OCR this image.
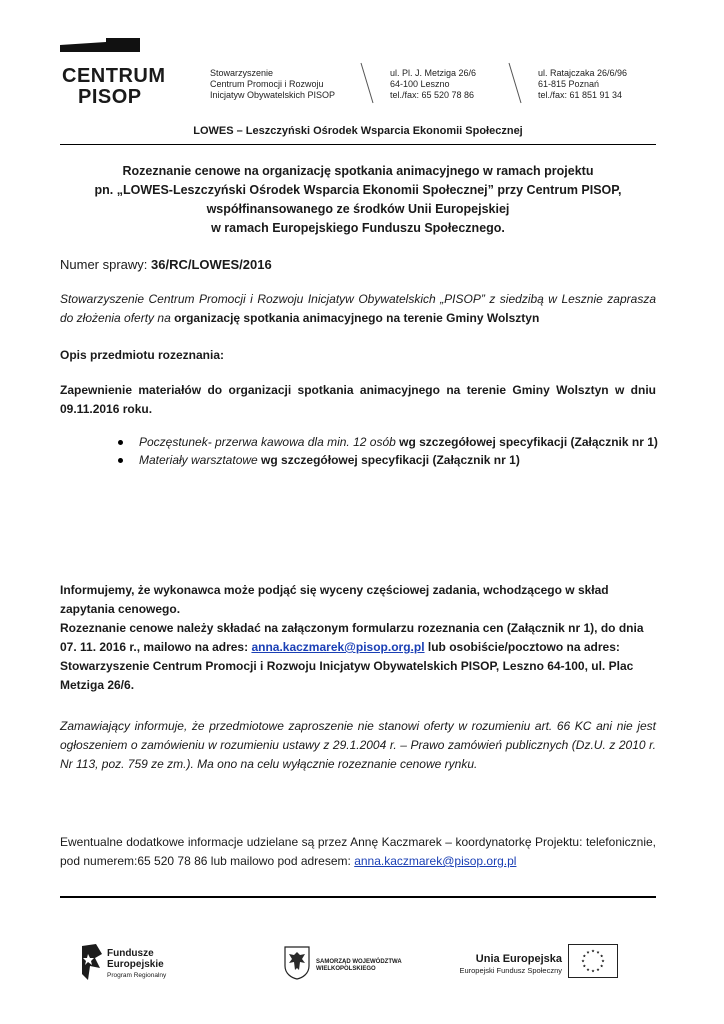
CENTRUM
PISOP
Stowarzyszenie
Centrum Promocji i Rozwoju
Inicjatyw Obywatelskich PISOP
ul. Pl. J. Metziga 26/6
64-100 Leszno
tel./fax: 65 520 78 86
ul. Ratajczaka 26/6/96
61-815 Poznań
tel./fax: 61 851 91 34
LOWES – Leszczyński Ośrodek Wsparcia Ekonomii Społecznej
Rozeznanie cenowe na organizację spotkania animacyjnego w ramach projektu
pn. „LOWES-Leszczyński Ośrodek Wsparcia Ekonomii Społecznej” przy Centrum PISOP,
współfinansowanego ze środków Unii Europejskiej
w ramach Europejskiego Funduszu Społecznego.
Numer sprawy: 36/RC/LOWES/2016
Stowarzyszenie Centrum Promocji i Rozwoju Inicjatyw Obywatelskich „PISOP” z siedzibą w Lesznie zaprasza do złożenia oferty na organizację spotkania animacyjnego na terenie Gminy Wolsztyn
Opis przedmiotu rozeznania:
Zapewnienie materiałów do organizacji spotkania animacyjnego na terenie Gminy Wolsztyn w dniu 09.11.2016 roku.
Poczęstunek- przerwa kawowa dla min. 12 osób wg szczegółowej specyfikacji (Załącznik nr 1)
Materiały warsztatowe wg szczegółowej specyfikacji (Załącznik nr 1)
Informujemy, że wykonawca może podjąć się wyceny częściowej zadania, wchodzącego w skład zapytania cenowego.
Rozeznanie cenowe należy składać na załączonym formularzu rozeznania cen (Załącznik nr 1), do dnia 07. 11. 2016 r., mailowo na adres: anna.kaczmarek@pisop.org.pl lub osobiście/pocztowo na adres: Stowarzyszenie Centrum Promocji i Rozwoju Inicjatyw Obywatelskich PISOP, Leszno 64-100, ul. Plac Metziga 26/6.
Zamawiający informuje, że przedmiotowe zaproszenie nie stanowi oferty w rozumieniu art. 66 KC ani nie jest ogłoszeniem o zamówieniu w rozumieniu ustawy z 29.1.2004 r. – Prawo zamówień publicznych (Dz.U. z 2010 r. Nr 113, poz. 759 ze zm.). Ma ono na celu wyłącznie rozeznanie cenowe rynku.
Ewentualne dodatkowe informacje udzielane są przez Annę Kaczmarek – koordynatorkę Projektu: telefonicznie, pod numerem:65 520 78 86 lub mailowo pod adresem: anna.kaczmarek@pisop.org.pl
Fundusze
Europejskie
Program Regionalny
SAMORZĄD WOJEWÓDZTWA
WIELKOPOLSKIEGO
Unia Europejska
Europejski Fundusz Społeczny
